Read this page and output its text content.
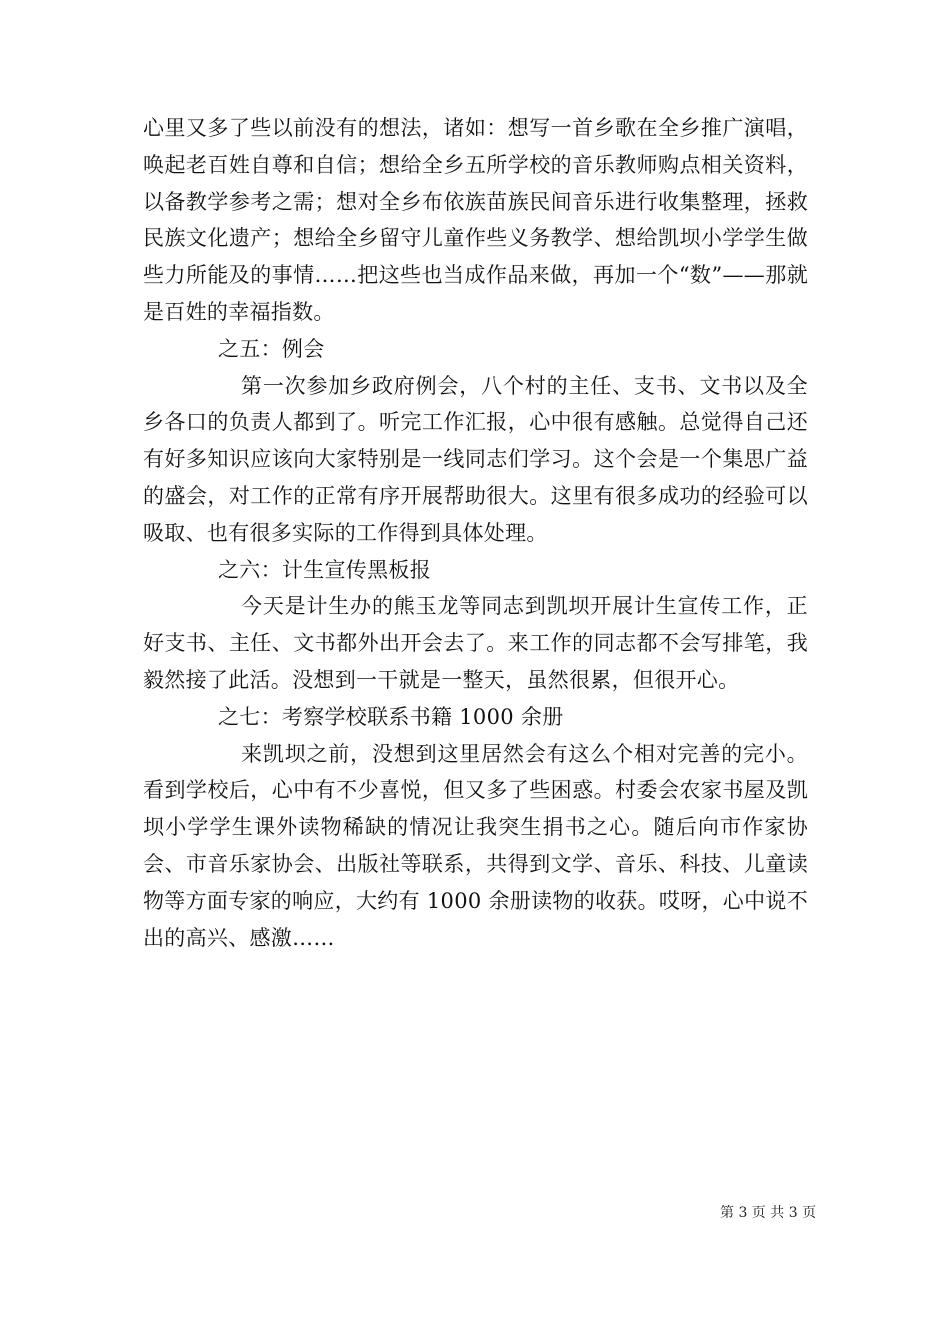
心里又多了些以前没有的想法，诸如：想写一首乡歌在全乡推广演唱，唤起老百姓自尊和自信；想给全乡五所学校的音乐教师购点相关资料，以备教学参考之需；想对全乡布依族苗族民间音乐进行收集整理，拯救民族文化遗产；想给全乡留守儿童作些义务教学、想给凯坝小学学生做些力所能及的事情……把这些也当成作品来做，再加一个“数”——那就是百姓的幸福指数。

之五：例会

第一次参加乡政府例会，八个村的主任、支书、文书以及全乡各口的负责人都到了。听完工作汇报，心中很有感触。总觉得自己还有好多知识应该向大家特别是一线同志们学习。这个会是一个集思广益的盛会，对工作的正常有序开展帮助很大。这里有很多成功的经验可以吸取、也有很多实际的工作得到具体处理。

之六：计生宣传黑板报

今天是计生办的熊玉龙等同志到凯坝开展计生宣传工作，正好支书、主任、文书都外出开会去了。来工作的同志都不会写排笔，我毅然接了此活。没想到一干就是一整天，虽然很累，但很开心。

之七：考察学校联系书籍 1000 余册

来凯坝之前，没想到这里居然会有这么个相对完善的完小。看到学校后，心中有不少喜悦，但又多了些困惑。村委会农家书屋及凯坝小学学生课外读物稀缺的情况让我突生捐书之心。随后向市作家协会、市音乐家协会、出版社等联系，共得到文学、音乐、科技、儿童读物等方面专家的响应，大约有 1000 余册读物的收获。哎呀，心中说不出的高兴、感激……

第 3 页 共 3 页
